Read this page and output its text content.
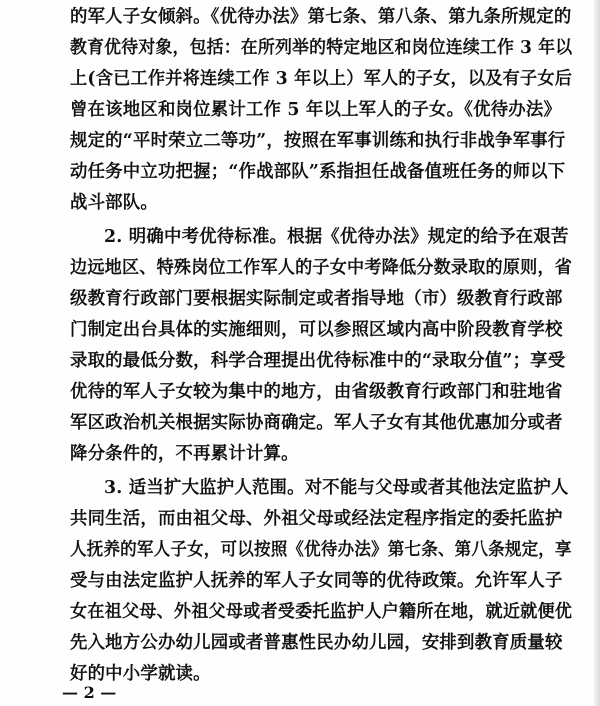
的军人子女倾斜。《优待办法》第七条、第八条、第九条所规定的
教育优待对象，包括：在所列举的特定地区和岗位连续工作 3 年以
上(含已工作并将连续工作 3 年以上）军人的子女，以及有子女后
曾在该地区和岗位累计工作 5 年以上军人的子女。《优待办法》
规定的“平时荣立二等功”，按照在军事训练和执行非战争军事行
动任务中立功把握；“作战部队”系指担任战备值班任务的师以下
战斗部队。
2. 明确中考优待标准。根据《优待办法》规定的给予在艰苦
边远地区、特殊岗位工作军人的子女中考降低分数录取的原则，省
级教育行政部门要根据实际制定或者指导地（市）级教育行政部
门制定出台具体的实施细则，可以参照区域内高中阶段教育学校
录取的最低分数，科学合理提出优待标准中的“录取分值”；享受
优待的军人子女较为集中的地方，由省级教育行政部门和驻地省
军区政治机关根据实际协商确定。军人子女有其他优惠加分或者
降分条件的，不再累计计算。
3. 适当扩大监护人范围。对不能与父母或者其他法定监护人
共同生活，而由祖父母、外祖父母或经法定程序指定的委托监护
人抚养的军人子女，可以按照《优待办法》第七条、第八条规定，享
受与由法定监护人抚养的军人子女同等的优待政策。允许军人子
女在祖父母、外祖父母或者受委托监护人户籍所在地，就近就便优
先入地方公办幼儿园或者普惠性民办幼儿园，安排到教育质量较
好的中小学就读。
— 2 —
